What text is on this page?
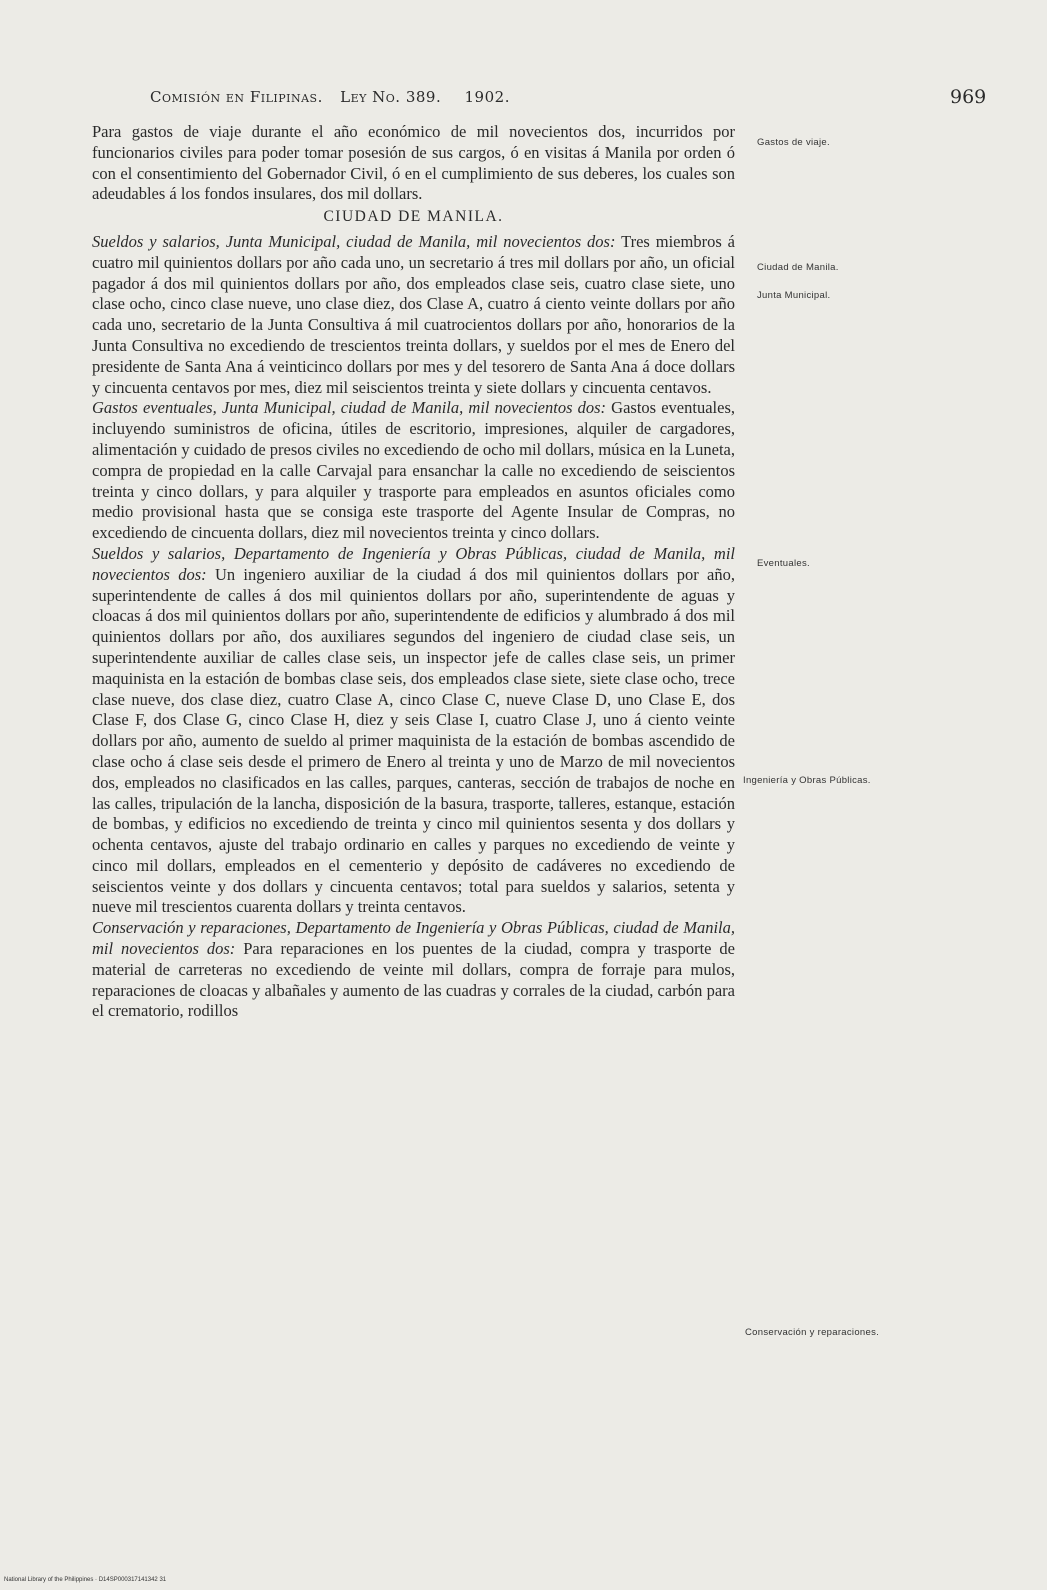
Comisión en Filipinas. Ley No. 389. 1902.	969

Para gastos de viaje durante el año económico de mil novecientos dos, incurridos por funcionarios civiles para poder tomar posesión de sus cargos, ó en visitas á Manila por orden ó con el consentimiento del Gobernador Civil, ó en el cumplimiento de sus deberes, los cuales son adeudables á los fondos insulares, dos mil dollars.

CIUDAD DE MANILA.

Sueldos y salarios, Junta Municipal, ciudad de Manila, mil novecientos dos: Tres miembros á cuatro mil quinientos dollars por año cada uno, un secretario á tres mil dollars por año, un oficial pagador á dos mil quinientos dollars por año, dos empleados clase seis, cuatro clase siete, uno clase ocho, cinco clase nueve, uno clase diez, dos Clase A, cuatro á ciento veinte dollars por año cada uno, secretario de la Junta Consultiva á mil cuatrocientos dollars por año, honorarios de la Junta Consultiva no excediendo de trescientos treinta dollars, y sueldos por el mes de Enero del presidente de Santa Ana á veinticinco dollars por mes y del tesorero de Santa Ana á doce dollars y cincuenta centavos por mes, diez mil seiscientos treinta y siete dollars y cincuenta centavos.

Gastos eventuales, Junta Municipal, ciudad de Manila, mil novecientos dos: Gastos eventuales, incluyendo suministros de oficina, útiles de escritorio, impresiones, alquiler de cargadores, alimentación y cuidado de presos civiles no excediendo de ocho mil dollars, música en la Luneta, compra de propiedad en la calle Carvajal para ensanchar la calle no excediendo de seiscientos treinta y cinco dollars, y para alquiler y trasporte para empleados en asuntos oficiales como medio provisional hasta que se consiga este trasporte del Agente Insular de Compras, no excediendo de cincuenta dollars, diez mil novecientos treinta y cinco dollars.

Sueldos y salarios, Departamento de Ingeniería y Obras Públicas, ciudad de Manila, mil novecientos dos: Un ingeniero auxiliar de la ciudad á dos mil quinientos dollars por año, superintendente de calles á dos mil quinientos dollars por año, superintendente de aguas y cloacas á dos mil quinientos dollars por año, superintendente de edificios y alumbrado á dos mil quinientos dollars por año, dos auxiliares segundos del ingeniero de ciudad clase seis, un superintendente auxiliar de calles clase seis, un inspector jefe de calles clase seis, un primer maquinista en la estación de bombas clase seis, dos empleados clase siete, siete clase ocho, trece clase nueve, dos clase diez, cuatro Clase A, cinco Clase C, nueve Clase D, uno Clase E, dos Clase F, dos Clase G, cinco Clase H, diez y seis Clase I, cuatro Clase J, uno á ciento veinte dollars por año, aumento de sueldo al primer maquinista de la estación de bombas ascendido de clase ocho á clase seis desde el primero de Enero al treinta y uno de Marzo de mil novecientos dos, empleados no clasificados en las calles, parques, canteras, sección de trabajos de noche en las calles, tripulación de la lancha, disposición de la basura, trasporte, talleres, estanque, estación de bombas, y edificios no excediendo de treinta y cinco mil quinientos sesenta y dos dollars y ochenta centavos, ajuste del trabajo ordinario en calles y parques no excediendo de veinte y cinco mil dollars, empleados en el cementerio y depósito de cadáveres no excediendo de seiscientos veinte y dos dollars y cincuenta centavos; total para sueldos y salarios, setenta y nueve mil trescientos cuarenta dollars y treinta centavos.

Conservación y reparaciones, Departamento de Ingeniería y Obras Públicas, ciudad de Manila, mil novecientos dos: Para reparaciones en los puentes de la ciudad, compra y trasporte de material de carreteras no excediendo de veinte mil dollars, compra de forraje para mulos, reparaciones de cloacas y albañales y aumento de las cuadras y corrales de la ciudad, carbón para el crematorio, rodillos

Gastos de viaje.
Ciudad de Manila.
Junta Municipal.
Eventuales.
Ingeniería y Obras Públicas.
Conservación y reparaciones.
National Library of the Philippines · D14SP000317141342 31
